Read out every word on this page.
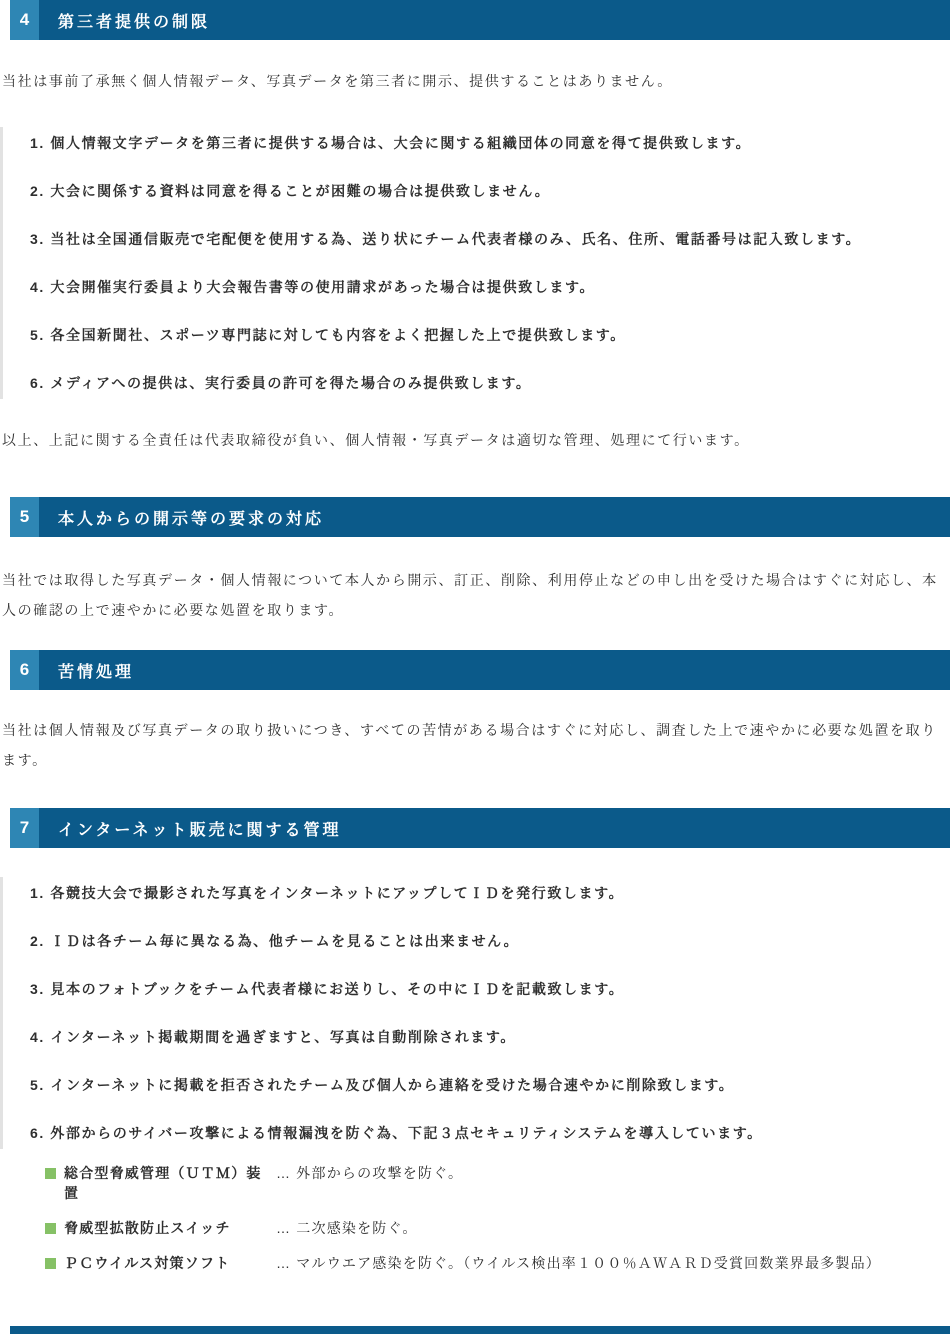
4	第三者提供の制限

当社は事前了承無く個人情報データ、写真データを第三者に開示、提供することはありません。

1. 個人情報文字データを第三者に提供する場合は、大会に関する組織団体の同意を得て提供致します。
2. 大会に関係する資料は同意を得ることが困難の場合は提供致しません。
3. 当社は全国通信販売で宅配便を使用する為、送り状にチーム代表者様のみ、氏名、住所、電話番号は記入致します。
4. 大会開催実行委員より大会報告書等の使用請求があった場合は提供致します。
5. 各全国新聞社、スポーツ専門誌に対しても内容をよく把握した上で提供致します。
6. メディアへの提供は、実行委員の許可を得た場合のみ提供致します。

以上、上記に関する全責任は代表取締役が負い、個人情報・写真データは適切な管理、処理にて行います。

5	本人からの開示等の要求の対応

当社では取得した写真データ・個人情報について本人から開示、訂正、削除、利用停止などの申し出を受けた場合はすぐに対応し、本人の確認の上で速やかに必要な処置を取ります。

6	苦情処理

当社は個人情報及び写真データの取り扱いにつき、すべての苦情がある場合はすぐに対応し、調査した上で速やかに必要な処置を取ります。

7	インターネット販売に関する管理
1. 各競技大会で撮影された写真をインターネットにアップしてＩＤを発行致します。
2. ＩＤは各チーム毎に異なる為、他チームを見ることは出来ません。
3. 見本のフォトブックをチーム代表者様にお送りし、その中にＩＤを記載致します。
4. インターネット掲載期間を過ぎますと、写真は自動削除されます。
5. インターネットに掲載を拒否されたチーム及び個人から連絡を受けた場合速やかに削除致します。
6. 外部からのサイバー攻撃による情報漏洩を防ぐ為、下記３点セキュリティシステムを導入しています。
総合型脅威管理（ＵＴＭ）装置
… 外部からの攻撃を防ぐ。
脅威型拡散防止スイッチ	… 二次感染を防ぐ。
ＰＣウイルス対策ソフト	… マルウエア感染を防ぐ。（ウイルス検出率１００％ＡＷＡＲＤ受賞回数業界最多製品）
